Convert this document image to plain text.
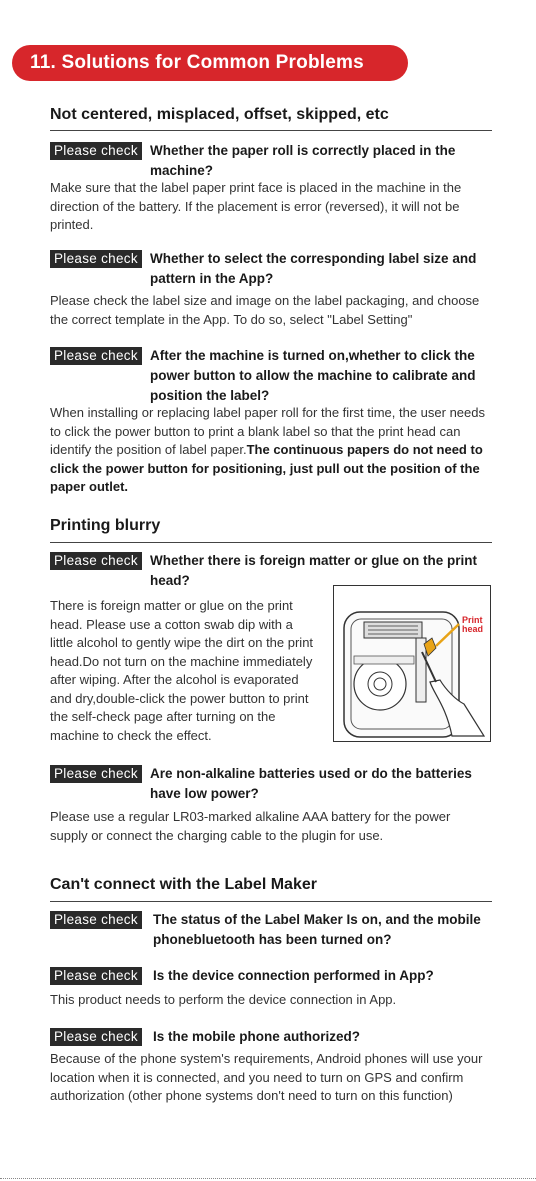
11. Solutions for Common Problems
Not centered, misplaced, offset, skipped, etc
Please check Whether the paper roll is correctly placed in the machine?
Make sure that the label paper print face is placed in the machine in the direction of the battery. If the placement is error (reversed), it will not be printed.
Please check Whether to select the corresponding label size and pattern in the App?
Please check the label size and image on the label packaging, and choose the correct template in the App. To do so, select "Label Setting"
Please check After the machine is turned on,whether to click the power button to allow the machine to calibrate and position the label?
When installing or replacing label paper roll for the first time, the user needs to click the power button to print a blank label so that the print head can identify the position of label paper.The continuous papers do not need to click the power button for positioning, just pull out the position of the paper outlet.
Printing blurry
Please check Whether there is foreign matter or glue on the print head?
There is foreign matter or glue on the print head. Please use a cotton swab dip with a little alcohol to gently wipe the dirt on the print head.Do not turn on the machine immediately after wiping. After the alcohol is evaporated and dry,double-click the power button to print the self-check page after turning on the machine to check the effect.
Print head
Please check Are non-alkaline batteries used or do the batteries have low power?
Please use a regular LR03-marked alkaline AAA battery for the power supply or connect the charging cable to the plugin for use.
Can't connect with the Label Maker
Please check The status of the Label Maker Is on, and the mobile phonebluetooth has been turned on?
Please check Is the device connection performed in App?
This product needs to perform the device connection in App.
Please check Is the mobile phone authorized?
Because of the phone system's requirements, Android phones will use your location when it is connected, and you need to turn on GPS and confirm authorization (other phone systems don't need to turn on this function)
